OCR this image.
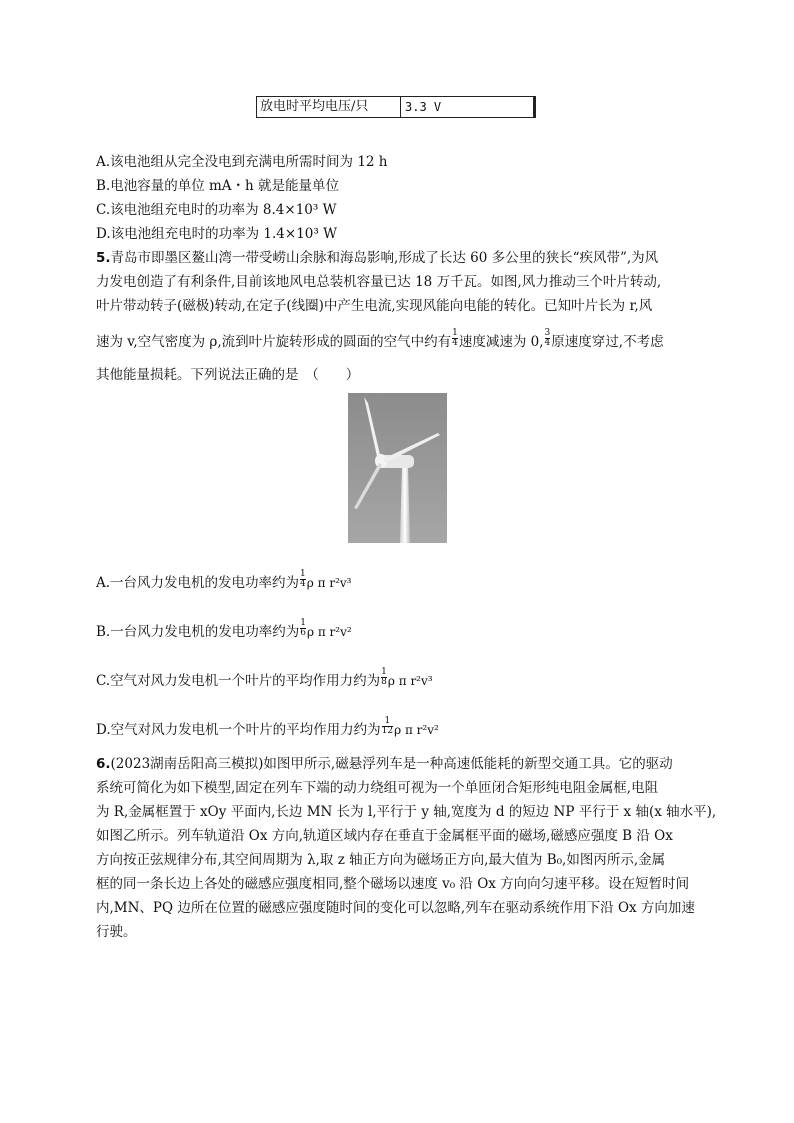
放电时平均电压/只	3.3 V
A.该电池组从完全没电到充满电所需时间为 12 h
B.电池容量的单位 mA・h 就是能量单位
C.该电池组充电时的功率为 8.4×10³ W
D.该电池组充电时的功率为 1.4×10³ W
5.青岛市即墨区鳌山湾一带受崂山余脉和海岛影响,形成了长达 60 多公里的狭长“疾风带”,为风
力发电创造了有利条件,目前该地风电总装机容量已达 18 万千瓦。如图,风力推动三个叶片转动,
叶片带动转子(磁极)转动,在定子(线圈)中产生电流,实现风能向电能的转化。已知叶片长为 r,风
速为 v,空气密度为 ρ,流到叶片旋转形成的圆面的空气中约有 $\frac{1}{4}$ 速度减速为 0, $\frac{3}{4}$ 原速度穿过,不考虑
其他能量损耗。下列说法正确的是　（　　）
A.一台风力发电机的发电功率约为 $\frac{1}{4}$ ρ π r²v³
B.一台风力发电机的发电功率约为 $\frac{1}{6}$ ρ π r²v²
C.空气对风力发电机一个叶片的平均作用力约为 $\frac{1}{8}$ ρ π r²v³
D.空气对风力发电机一个叶片的平均作用力约为 $\frac{1}{12}$ ρ π r²v²
6.(2023湖南岳阳高三模拟)如图甲所示,磁悬浮列车是一种高速低能耗的新型交通工具。它的驱动
系统可简化为如下模型,固定在列车下端的动力绕组可视为一个单匝闭合矩形纯电阻金属框,电阻
为 R,金属框置于 xOy 平面内,长边 MN 长为 l,平行于 y 轴,宽度为 d 的短边 NP 平行于 x 轴(x 轴水平),
如图乙所示。列车轨道沿 Ox 方向,轨道区域内存在垂直于金属框平面的磁场,磁感应强度 B 沿 Ox
方向按正弦规律分布,其空间周期为 λ,取 z 轴正方向为磁场正方向,最大值为 B₀,如图丙所示,金属
框的同一条长边上各处的磁感应强度相同,整个磁场以速度 v₀ 沿 Ox 方向向匀速平移。设在短暂时间
内,MN、PQ 边所在位置的磁感应强度随时间的变化可以忽略,列车在驱动系统作用下沿 Ox 方向加速
行驶。
